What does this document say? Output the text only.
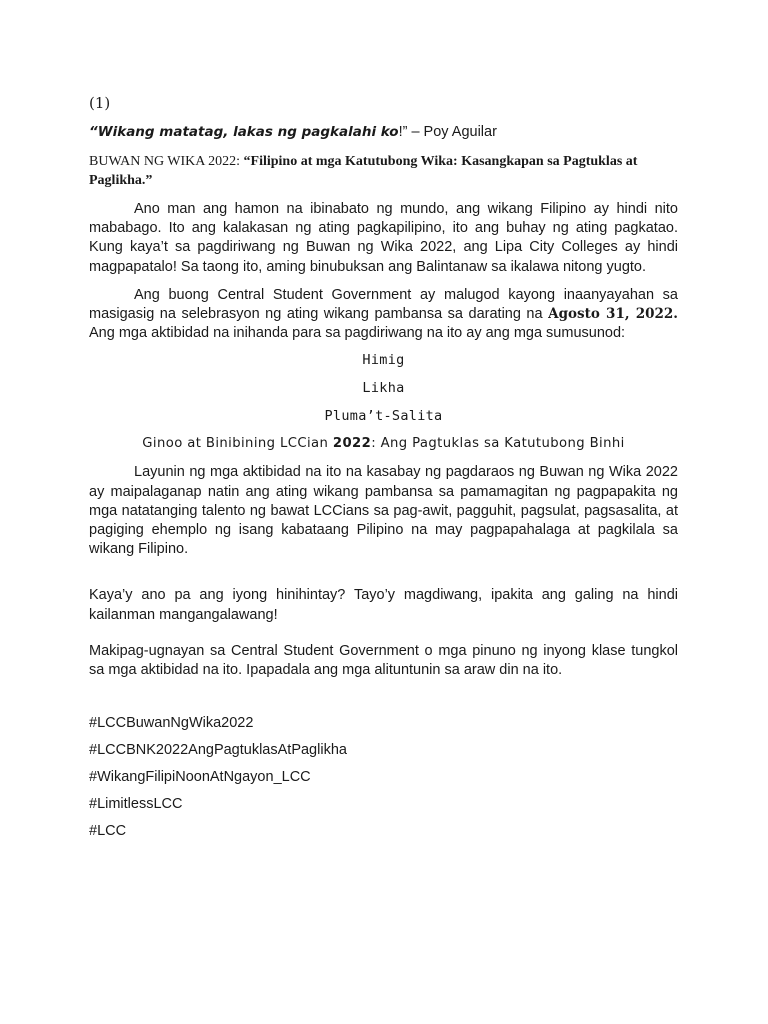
(1)
“Wikang matatag, lakas ng pagkalahi ko!” – Poy Aguilar
BUWAN NG WIKA 2022: “Filipino at mga Katutubong Wika: Kasangkapan sa Pagtuklas at Paglikha.”

Ano man ang hamon na ibinabato ng mundo, ang wikang Filipino ay hindi nito mababago. Ito ang kalakasan ng ating pagkapilipino, ito ang buhay ng ating pagkatao. Kung kaya’t sa pagdiriwang ng Buwan ng Wika 2022, ang Lipa City Colleges ay hindi magpapatalo! Sa taong ito, aming binubuksan ang Balintanaw sa ikalawa nitong yugto.

Ang buong Central Student Government ay malugod kayong inaanyayahan sa masigasig na selebrasyon ng ating wikang pambansa sa darating na Agosto 31, 2022. Ang mga aktibidad na inihanda para sa pagdiriwang na ito ay ang mga sumusunod:

Himig
Likha
Pluma’t-Salita
Ginoo at Binibining LCCian 2022: Ang Pagtuklas sa Katutubong Binhi

Layunin ng mga aktibidad na ito na kasabay ng pagdaraos ng Buwan ng Wika 2022 ay maipalaganap natin ang ating wikang pambansa sa pamamagitan ng pagpapakita ng mga natatanging talento ng bawat LCCians sa pag-awit, pagguhit, pagsulat, pagsasalita, at pagiging ehemplo ng isang kabataang Pilipino na may pagpapahalaga at pagkilala sa wikang Filipino.

Kaya’y ano pa ang iyong hinihintay? Tayo’y magdiwang, ipakita ang galing na hindi kailanman mangangalawang!

Makipag-ugnayan sa Central Student Government o mga pinuno ng inyong klase tungkol sa mga aktibidad na ito. Ipapadala ang mga alituntunin sa araw din na ito.

#LCCBuwanNgWika2022
#LCCBNK2022AngPagtuklasAtPaglikha
#WikangFilipiNoonAtNgayon_LCC
#LimitlessLCC
#LCC
